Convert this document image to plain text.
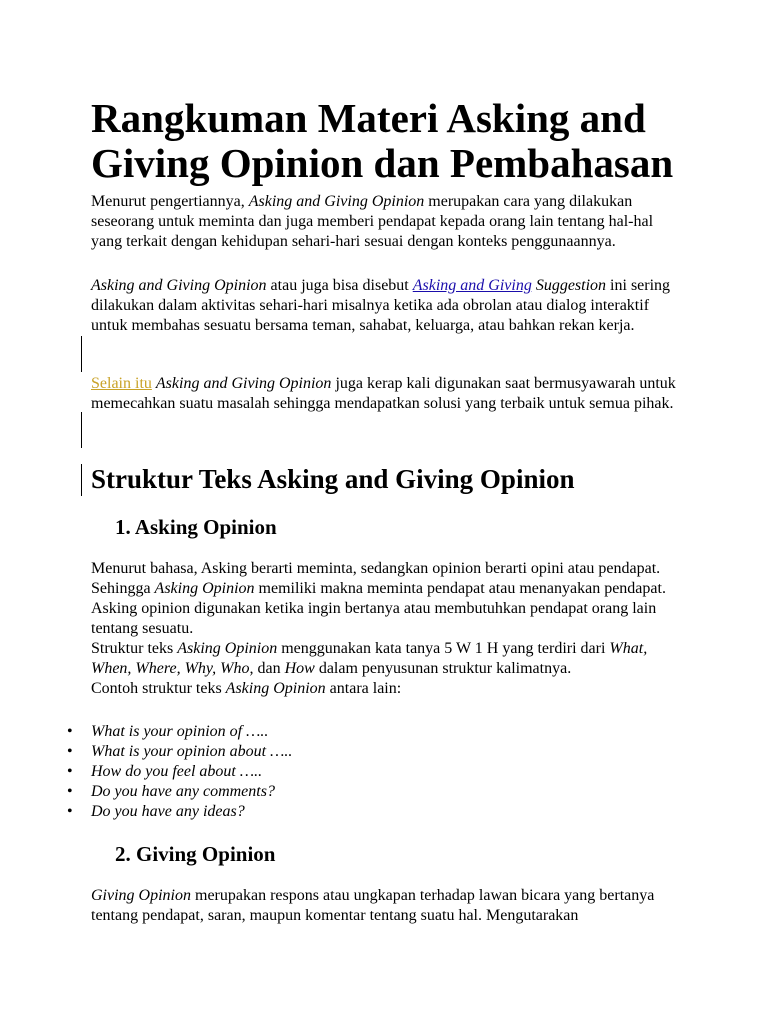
Rangkuman Materi Asking and Giving Opinion dan Pembahasan

Menurut pengertiannya, Asking and Giving Opinion merupakan cara yang dilakukan seseorang untuk meminta dan juga memberi pendapat kepada orang lain tentang hal-hal yang terkait dengan kehidupan sehari-hari sesuai dengan konteks penggunaannya.

Asking and Giving Opinion atau juga bisa disebut Asking and Giving Suggestion ini sering dilakukan dalam aktivitas sehari-hari misalnya ketika ada obrolan atau dialog interaktif untuk membahas sesuatu bersama teman, sahabat, keluarga, atau bahkan rekan kerja.

Selain itu Asking and Giving Opinion juga kerap kali digunakan saat bermusyawarah untuk memecahkan suatu masalah sehingga mendapatkan solusi yang terbaik untuk semua pihak.

Struktur Teks Asking and Giving Opinion
1. Asking Opinion

Menurut bahasa, Asking berarti meminta, sedangkan opinion berarti opini atau pendapat. Sehingga Asking Opinion memiliki makna meminta pendapat atau menanyakan pendapat. Asking opinion digunakan ketika ingin bertanya atau membutuhkan pendapat orang lain tentang sesuatu.
Struktur teks Asking Opinion menggunakan kata tanya 5 W 1 H yang terdiri dari What, When, Where, Why, Who, dan How dalam penyusunan struktur kalimatnya.
Contoh struktur teks Asking Opinion antara lain:

• What is your opinion of …..
• What is your opinion about …..
• How do you feel about …..
• Do you have any comments?
• Do you have any ideas?
2. Giving Opinion

Giving Opinion merupakan respons atau ungkapan terhadap lawan bicara yang bertanya tentang pendapat, saran, maupun komentar tentang suatu hal. Mengutarakan
